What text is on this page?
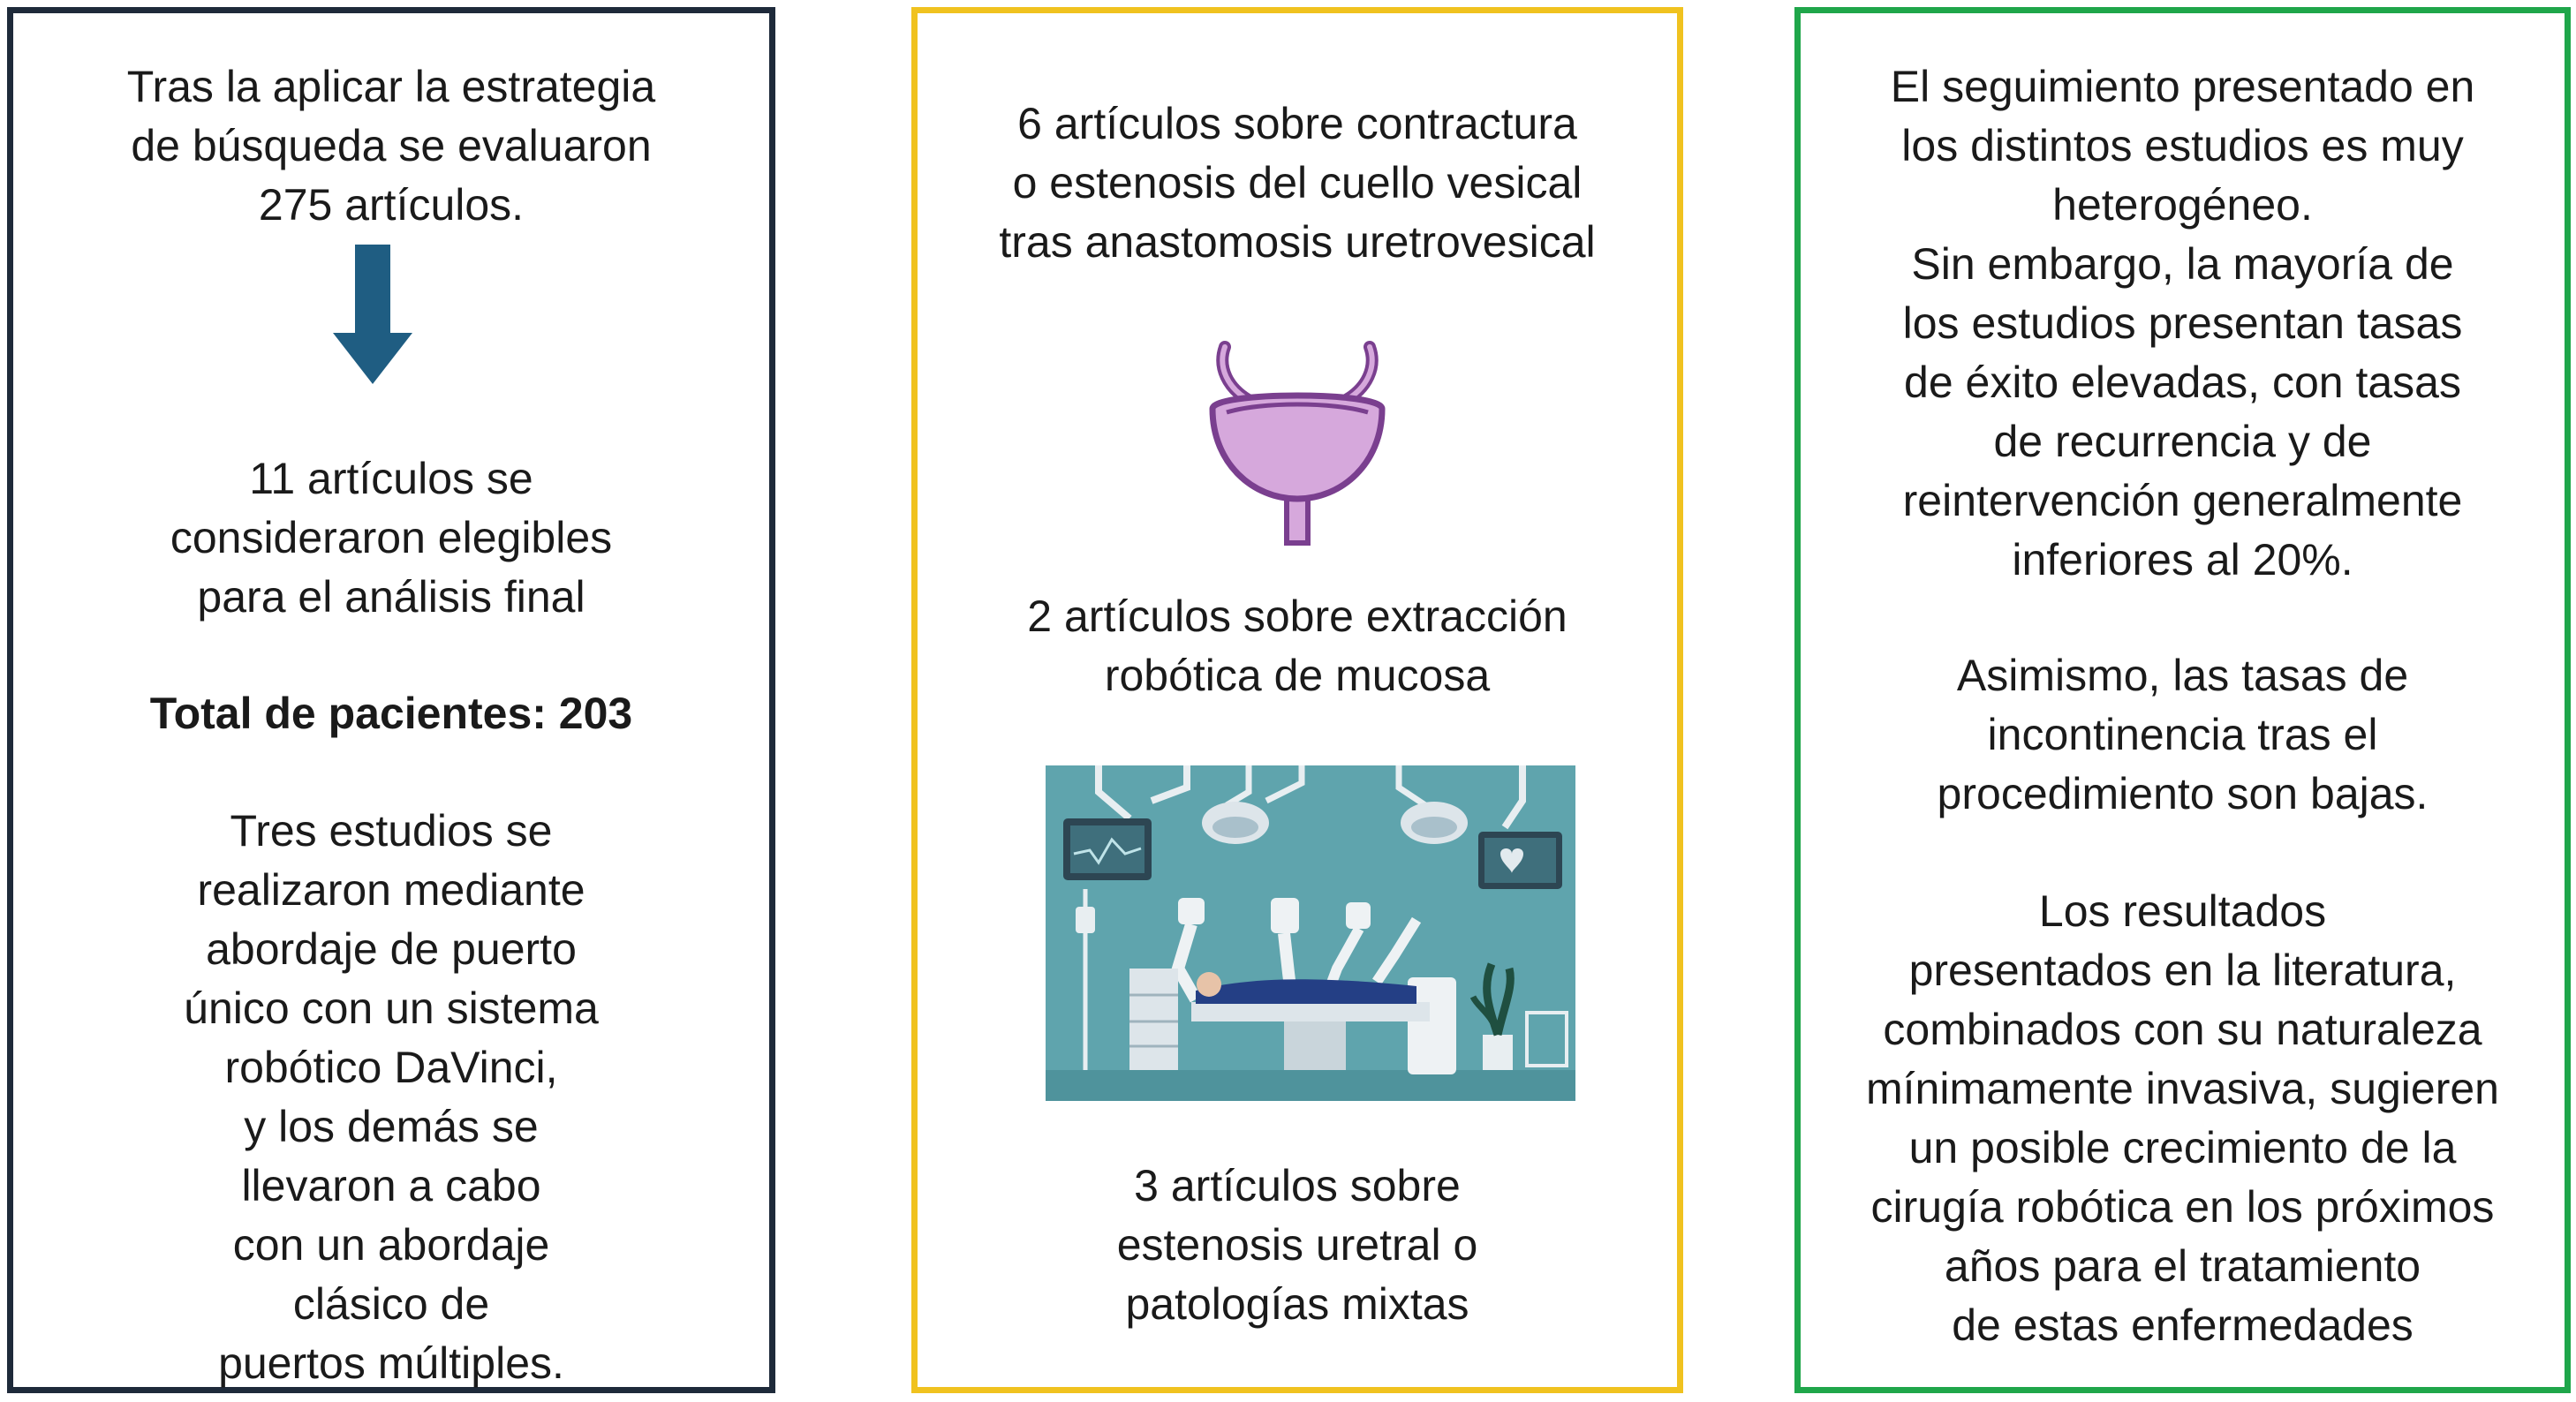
Tras la aplicar la estrategia
de búsqueda se evaluaron
275 artículos.
11 artículos se
consideraron elegibles
para el análisis final
Total de pacientes: 203
Tres estudios se
realizaron mediante
abordaje de puerto
único con un sistema
robótico DaVinci,
y los demás se
llevaron a cabo
con un abordaje
clásico de
puertos múltiples.
6 artículos sobre contractura
o estenosis del cuello vesical
tras anastomosis uretrovesical
2 artículos sobre extracción
robótica de mucosa
3 artículos sobre
estenosis uretral o
patologías mixtas
El seguimiento presentado en
los distintos estudios es muy
heterogéneo.
Sin embargo, la mayoría de
los estudios presentan tasas
de éxito elevadas, con tasas
de recurrencia y de
reintervención generalmente
inferiores al 20%.
Asimismo, las tasas de
incontinencia tras el
procedimiento son bajas.
Los resultados
presentados en la literatura,
combinados con su naturaleza
mínimamente invasiva, sugieren
un posible crecimiento de la
cirugía robótica en los próximos
años para el tratamiento
de estas enfermedades
